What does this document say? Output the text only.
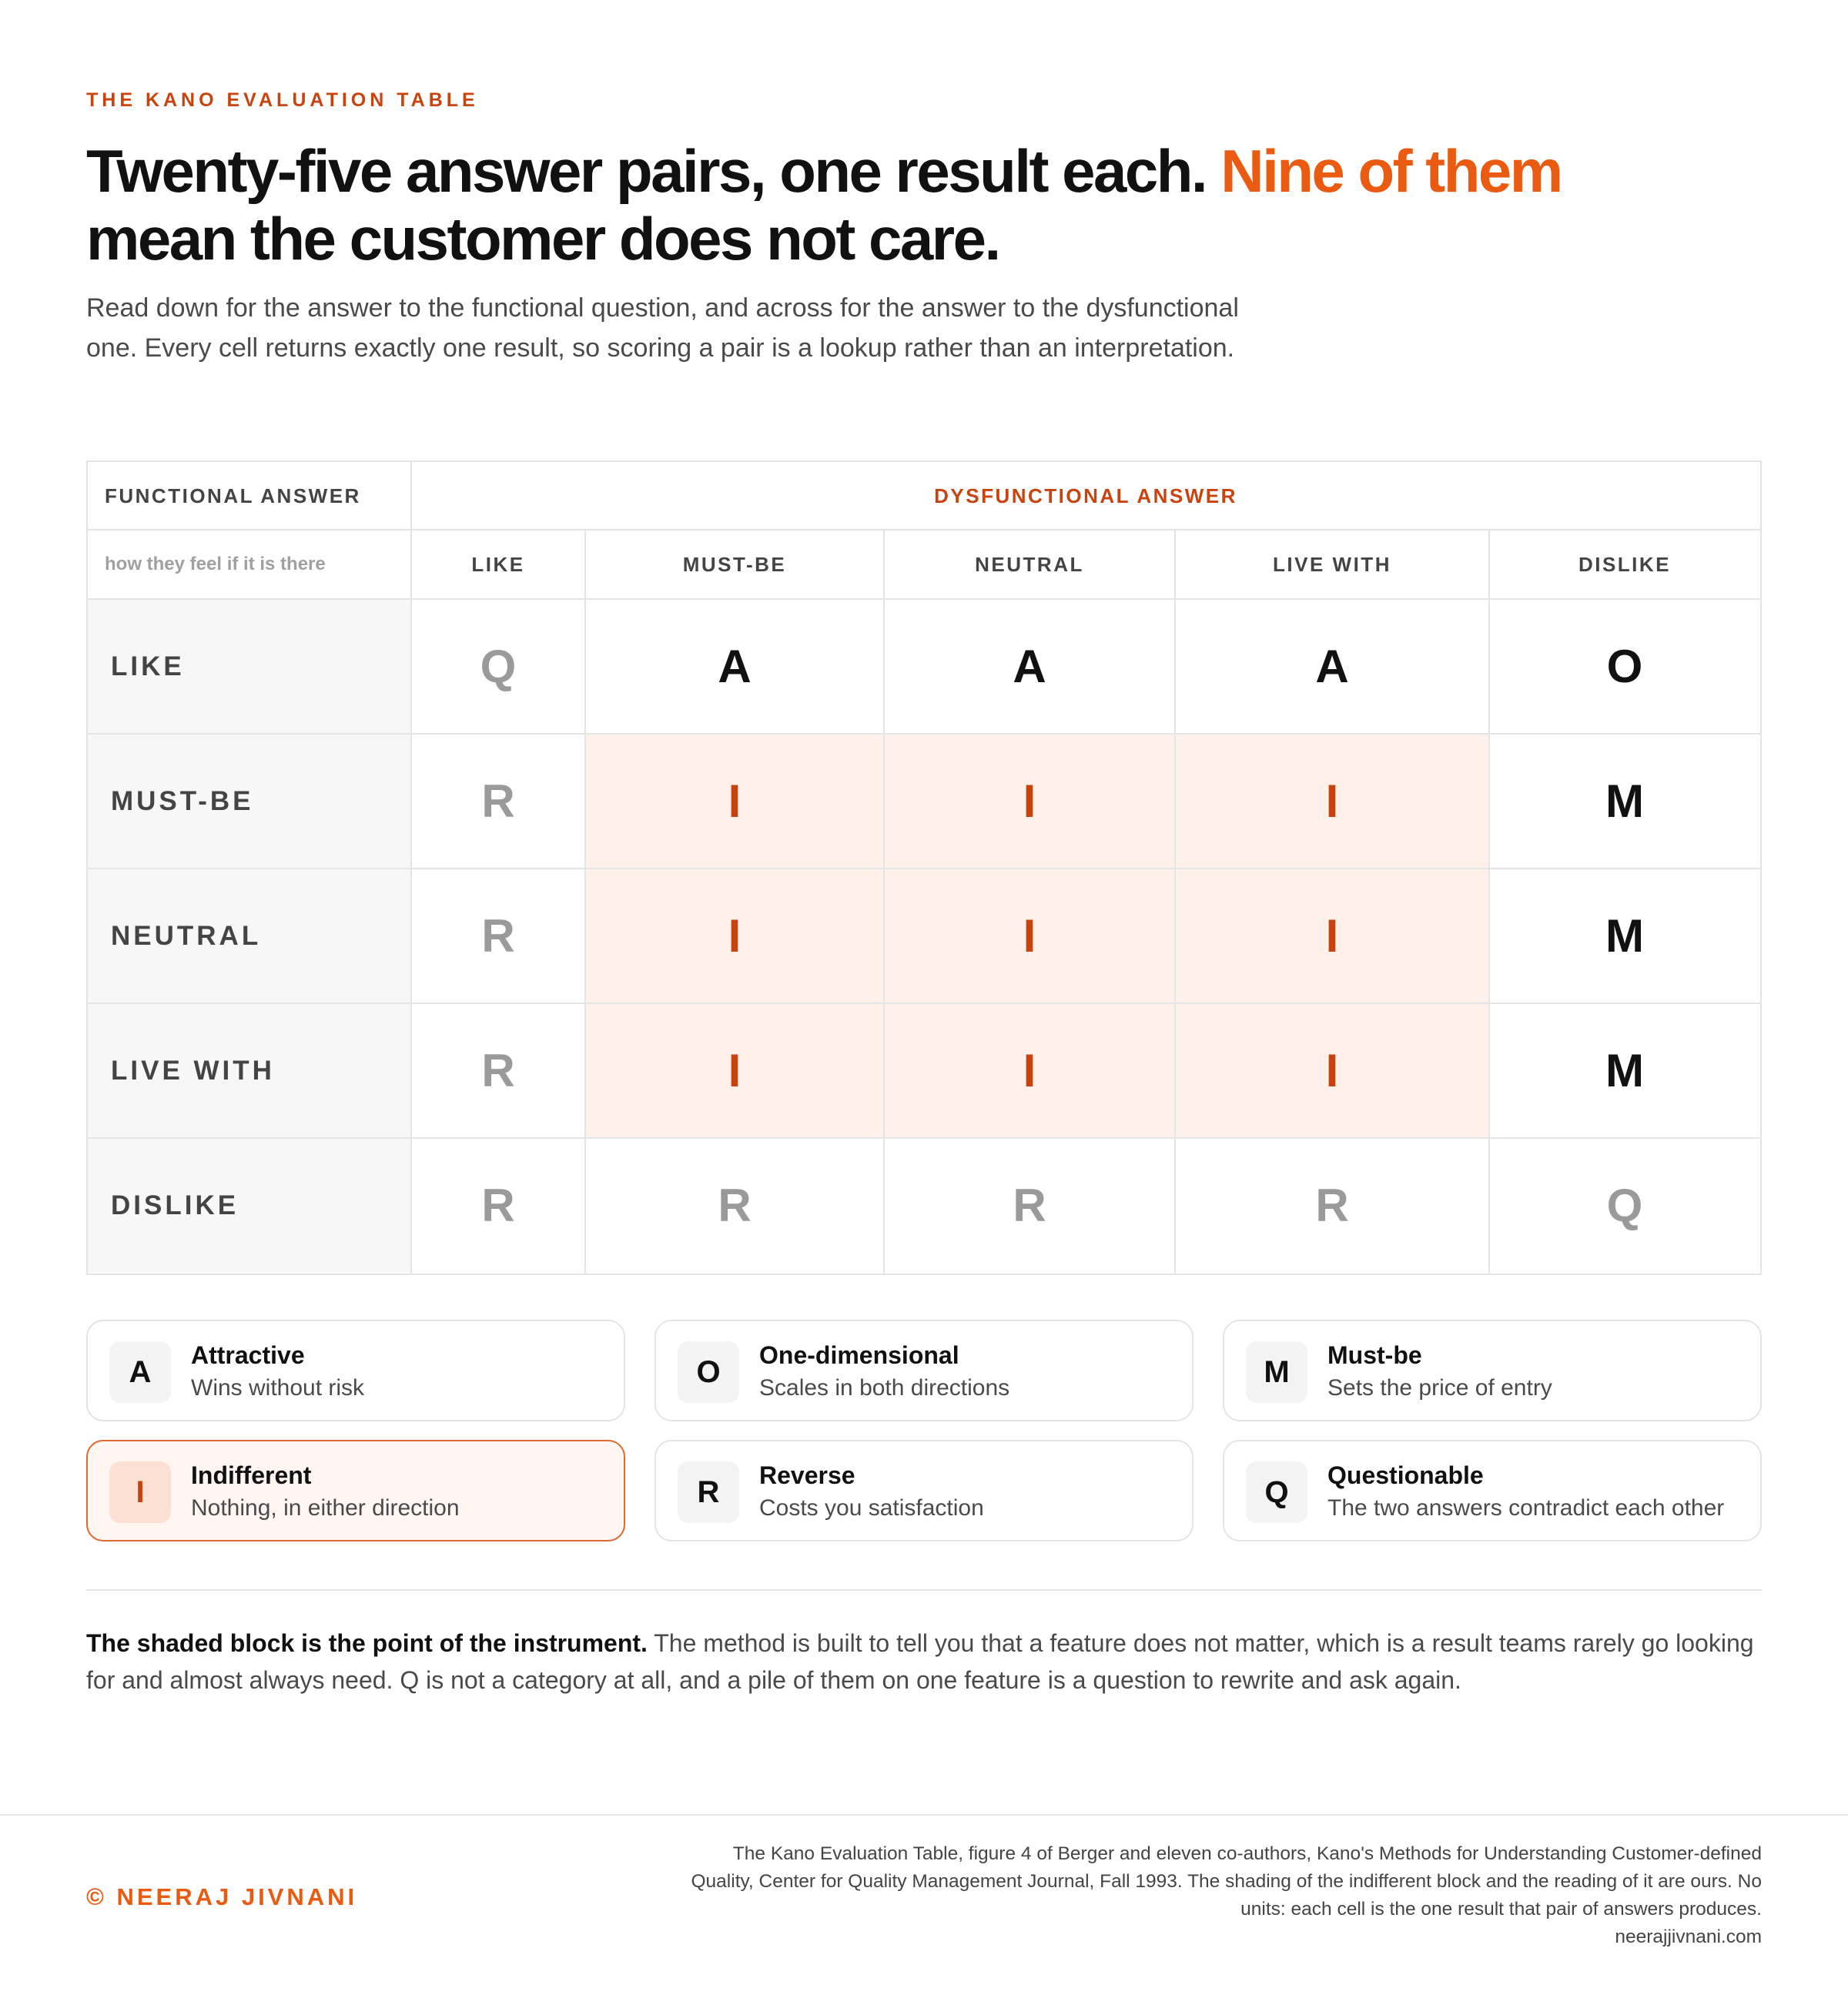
THE KANO EVALUATION TABLE
Twenty-five answer pairs, one result each. Nine of them
mean the customer does not care.

Read down for the answer to the functional question, and across for the answer to the dysfunctional one. Every cell returns exactly one result, so scoring a pair is a lookup rather than an interpretation.

FUNCTIONAL ANSWER	DYSFUNCTIONAL ANSWER
how they feel if it is there	LIKE	MUST-BE	NEUTRAL	LIVE WITH	DISLIKE
LIKE	Q	A	A	A	O
MUST-BE	R	I	I	I	M
NEUTRAL	R	I	I	I	M
LIVE WITH	R	I	I	I	M
DISLIKE	R	R	R	R	Q
A	Attractive
Wins without risk	O	One-dimensional
Scales in both directions	M	Must-be
Sets the price of entry
I	Indifferent
Nothing, in either direction	R	Reverse
Costs you satisfaction	Q	Questionable
The two answers contradict each other

The shaded block is the point of the instrument. The method is built to tell you that a feature does not matter, which is a result teams rarely go looking for and almost always need. Q is not a category at all, and a pile of them on one feature is a question to rewrite and ask again.

© NEERAJ JIVNANI
The Kano Evaluation Table, figure 4 of Berger and eleven co-authors, Kano's Methods for Understanding Customer-defined Quality, Center for Quality Management Journal, Fall 1993. The shading of the indifferent block and the reading of it are ours. No units: each cell is the one result that pair of answers produces.
neerajjivnani.com
